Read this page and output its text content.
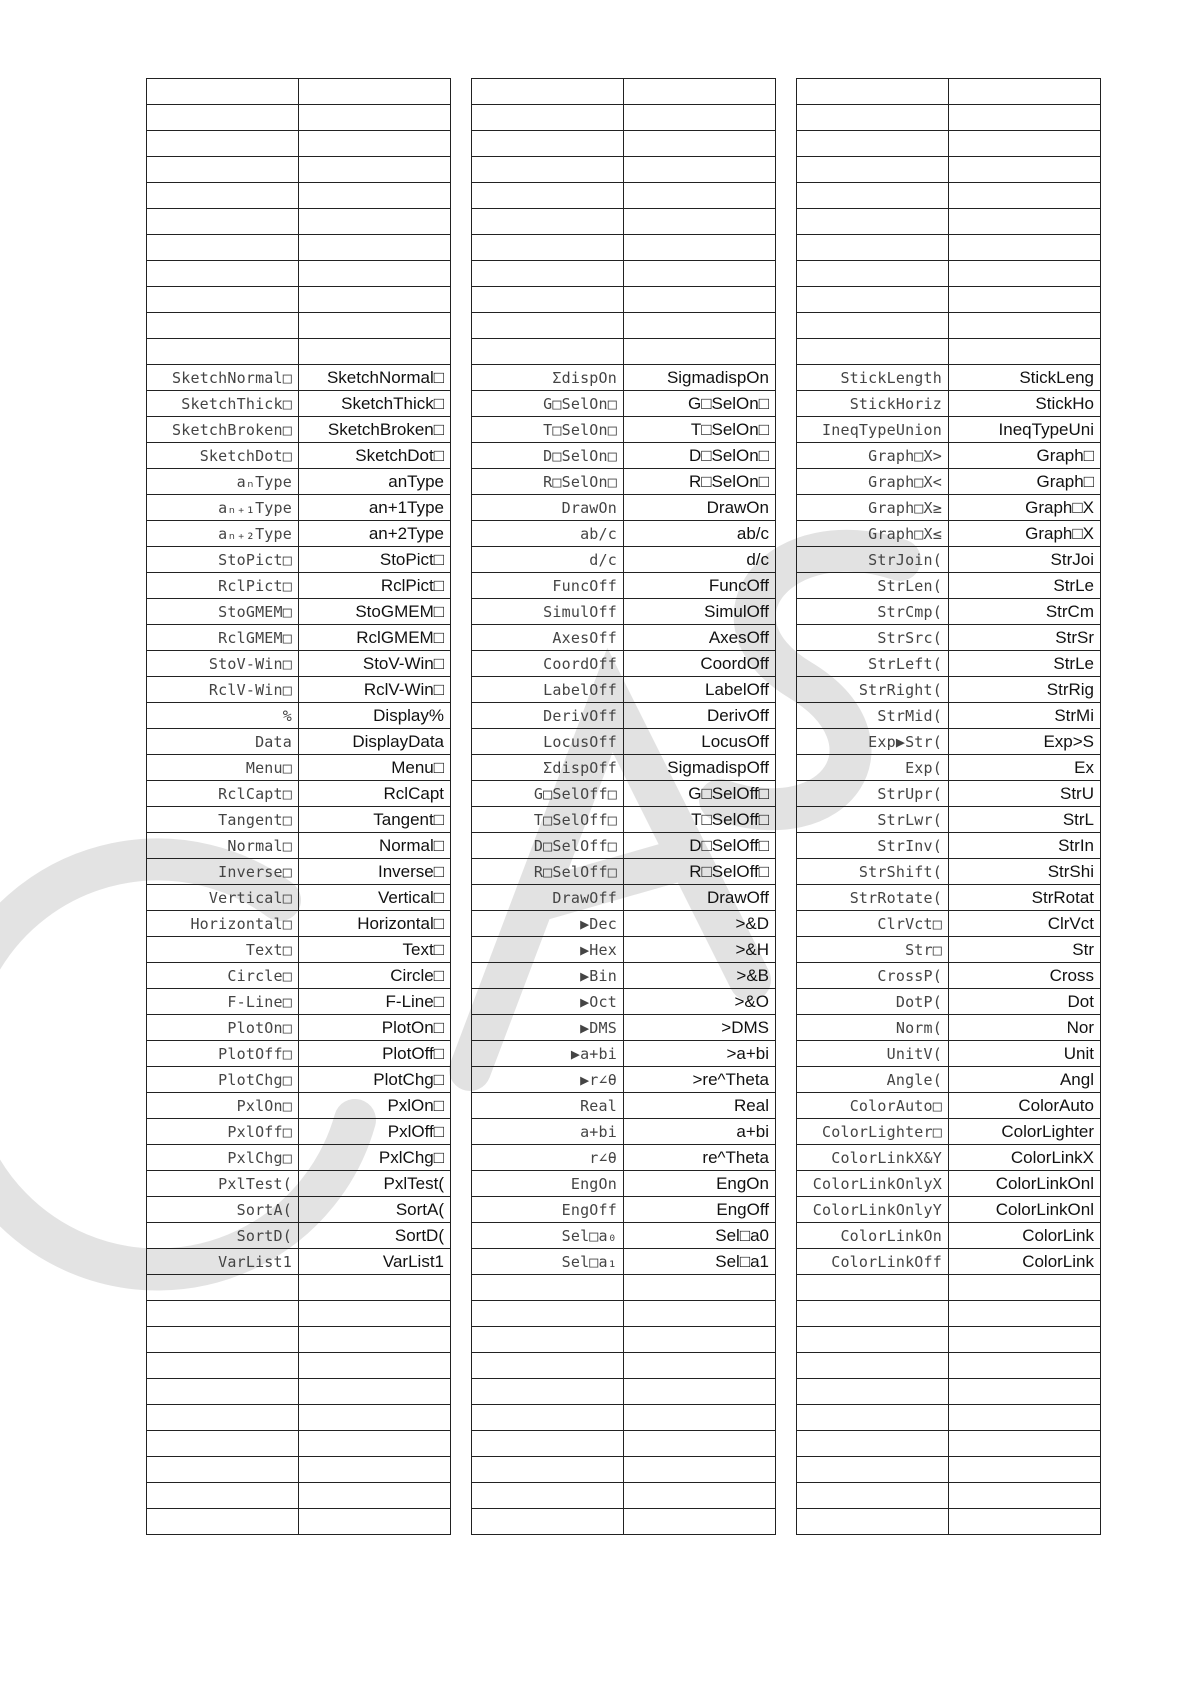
SketchNormal□	SketchNormal□
SketchThick□	SketchThick□
SketchBroken□	SketchBroken□
SketchDot□	SketchDot□
aₙType	anType
aₙ₊₁Type	an+1Type
aₙ₊₂Type	an+2Type
StoPict□	StoPict□
RclPict□	RclPict□
StoGMEM□	StoGMEM□
RclGMEM□	RclGMEM□
StoV-Win□	StoV-Win□
RclV-Win□	RclV-Win□
%	Display%
Data	DisplayData
Menu□	Menu□
RclCapt□	RclCapt
Tangent□	Tangent□
Normal□	Normal□
Inverse□	Inverse□
Vertical□	Vertical□
Horizontal□	Horizontal□
Text□	Text□
Circle□	Circle□
F-Line□	F-Line□
PlotOn□	PlotOn□
PlotOff□	PlotOff□
PlotChg□	PlotChg□
PxlOn□	PxlOn□
PxlOff□	PxlOff□
PxlChg□	PxlChg□
PxlTest(	PxlTest(
SortA(	SortA(
SortD(	SortD(
VarList1	VarList1

ΣdispOn	SigmadispOn
G□SelOn□	G□SelOn□
T□SelOn□	T□SelOn□
D□SelOn□	D□SelOn□
R□SelOn□	R□SelOn□
DrawOn	DrawOn
ab/c	ab/c
d/c	d/c
FuncOff	FuncOff
SimulOff	SimulOff
AxesOff	AxesOff
CoordOff	CoordOff
LabelOff	LabelOff
DerivOff	DerivOff
LocusOff	LocusOff
ΣdispOff	SigmadispOff
G□SelOff□	G□SelOff□
T□SelOff□	T□SelOff□
D□SelOff□	D□SelOff□
R□SelOff□	R□SelOff□
DrawOff	DrawOff
▶Dec	>&D
▶Hex	>&H
▶Bin	>&B
▶Oct	>&O
▶DMS	>DMS
▶a+bi	>a+bi
▶r∠θ	>re^Theta
Real	Real
a+bi	a+bi
r∠θ	re^Theta
EngOn	EngOn
EngOff	EngOff
Sel□a₀	Sel□a0
Sel□a₁	Sel□a1

StickLength	StickLeng
StickHoriz	StickHo
IneqTypeUnion	IneqTypeUni
Graph□X>	Graph□
Graph□X<	Graph□
Graph□X≥	Graph□X
Graph□X≤	Graph□X
StrJoin(	StrJoi
StrLen(	StrLe
StrCmp(	StrCm
StrSrc(	StrSr
StrLeft(	StrLe
StrRight(	StrRig
StrMid(	StrMi
Exp▶Str(	Exp>S
Exp(	Ex
StrUpr(	StrU
StrLwr(	StrL
StrInv(	StrIn
StrShift(	StrShi
StrRotate(	StrRotat
ClrVct□	ClrVct
Str□	Str
CrossP(	Cross
DotP(	Dot
Norm(	Nor
UnitV(	Unit
Angle(	Angl
ColorAuto□	ColorAuto
ColorLighter□	ColorLighter
ColorLinkX&Y	ColorLinkX
ColorLinkOnlyX	ColorLinkOnl
ColorLinkOnlyY	ColorLinkOnl
ColorLinkOn	ColorLink
ColorLinkOff	ColorLink
